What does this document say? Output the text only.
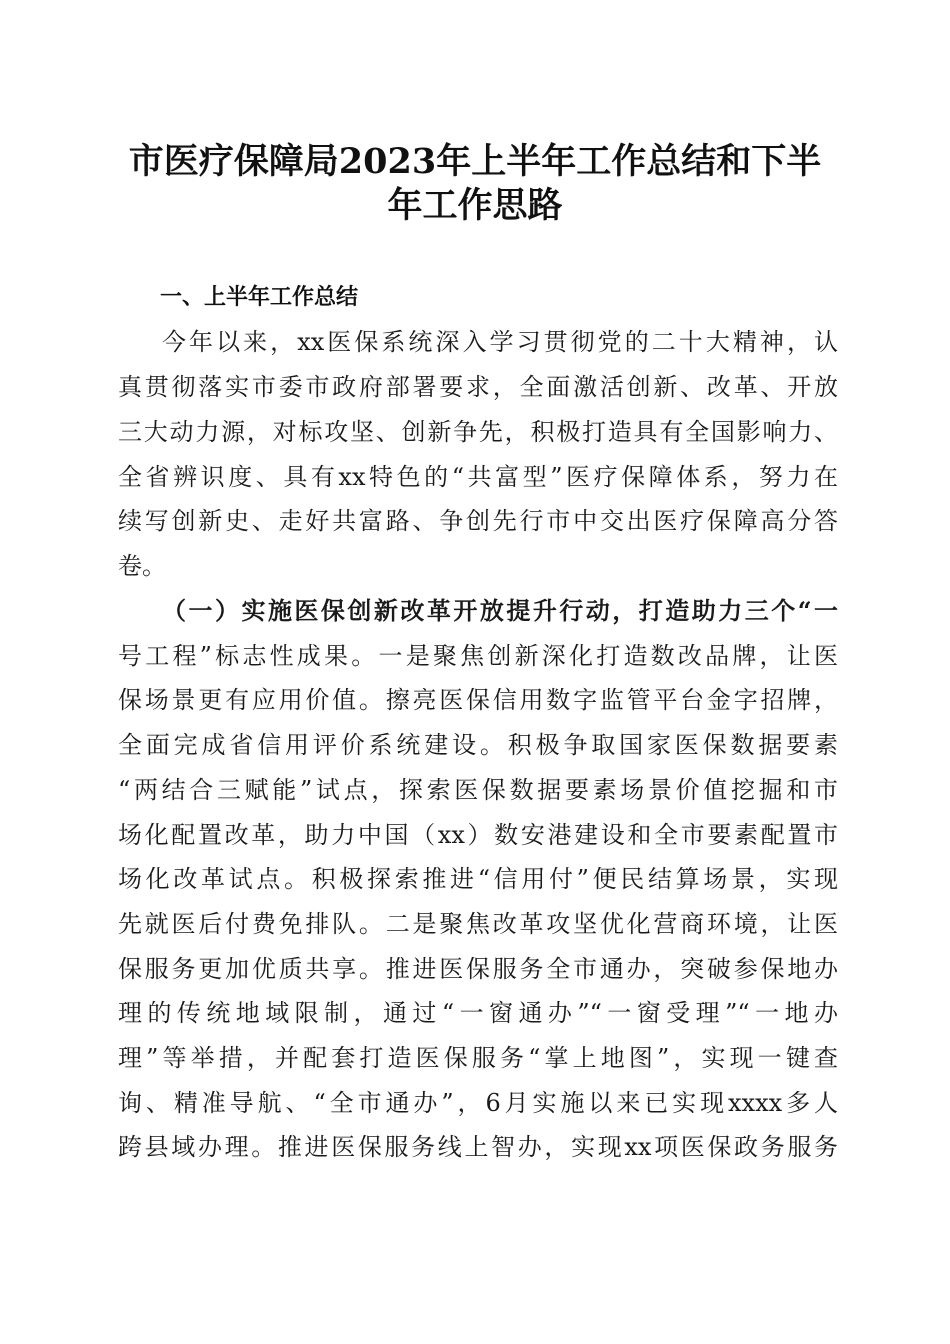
市医疗保障局2023年上半年工作总结和下半
年工作思路
一、上半年工作总结
今年以来，xx医保系统深入学习贯彻党的二十大精神，认
真贯彻落实市委市政府部署要求，全面激活创新、改革、开放
三大动力源，对标攻坚、创新争先，积极打造具有全国影响力、
全省辨识度、具有xx特色的“共富型”医疗保障体系，努力在
续写创新史、走好共富路、争创先行市中交出医疗保障高分答
卷。
（一）实施医保创新改革开放提升行动，打造助力三个“一
号工程”标志性成果。一是聚焦创新深化打造数改品牌，让医
保场景更有应用价值。擦亮医保信用数字监管平台金字招牌，
全面完成省信用评价系统建设。积极争取国家医保数据要素
“两结合三赋能”试点，探索医保数据要素场景价值挖掘和市
场化配置改革，助力中国（xx）数安港建设和全市要素配置市
场化改革试点。积极探索推进“信用付”便民结算场景，实现
先就医后付费免排队。二是聚焦改革攻坚优化营商环境，让医
保服务更加优质共享。推进医保服务全市通办，突破参保地办
理的传统地域限制，通过“一窗通办”“一窗受理”“一地办
理”等举措，并配套打造医保服务“掌上地图”，实现一键查
询、精准导航、“全市通办”，6月实施以来已实现xxxx多人
跨县域办理。推进医保服务线上智办，实现xx项医保政务服务
